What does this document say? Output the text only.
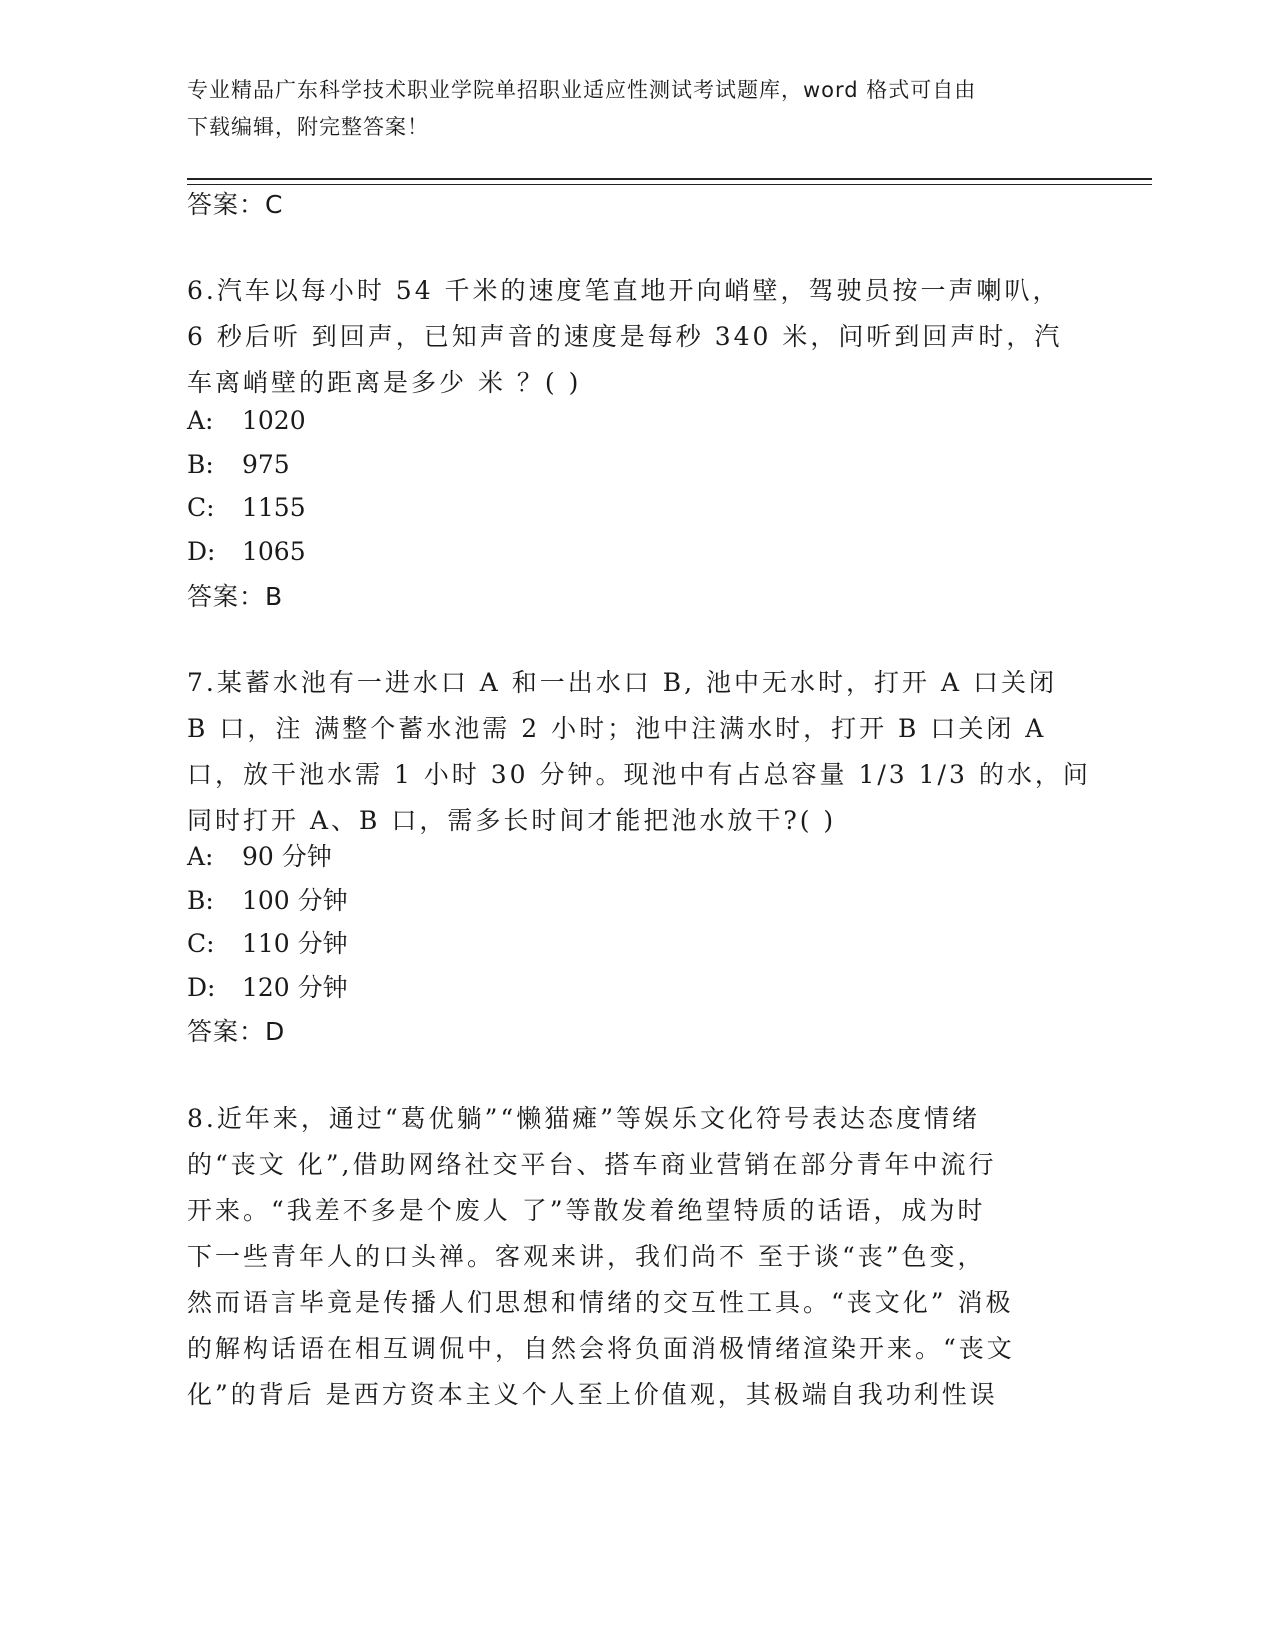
专业精品广东科学技术职业学院单招职业适应性测试考试题库，word 格式可自由
下载编辑，附完整答案！
答案：C

6.汽车以每小时 54 千米的速度笔直地开向峭壁，驾驶员按一声喇叭，

6 秒后听 到回声，已知声音的速度是每秒 340 米，问听到回声时，汽

车离峭壁的距离是多少 米 ？( )

A: 1020
B: 975
C: 1155
D: 1065
答案：B

7.某蓄水池有一进水口 A 和一出水口 B, 池中无水时，打开 A 口关闭

B 口，注 满整个蓄水池需 2 小时；池中注满水时，打开 B 口关闭 A

口，放干池水需 1 小时 30 分钟。现池中有占总容量 1/3 1/3 的水，问

同时打开 A、B 口，需多长时间才能把池水放干?( )

A: 90 分钟
B: 100 分钟
C: 110 分钟
D: 120 分钟
答案：D

8.近年来，通过“葛优躺”“懒猫瘫”等娱乐文化符号表达态度情绪

的“丧文 化”,借助网络社交平台、搭车商业营销在部分青年中流行

开来。“我差不多是个废人 了”等散发着绝望特质的话语，成为时

下一些青年人的口头禅。客观来讲，我们尚不 至于谈“丧”色变，

然而语言毕竟是传播人们思想和情绪的交互性工具。“丧文化” 消极

的解构话语在相互调侃中，自然会将负面消极情绪渲染开来。“丧文

化”的背后 是西方资本主义个人至上价值观，其极端自我功利性误
